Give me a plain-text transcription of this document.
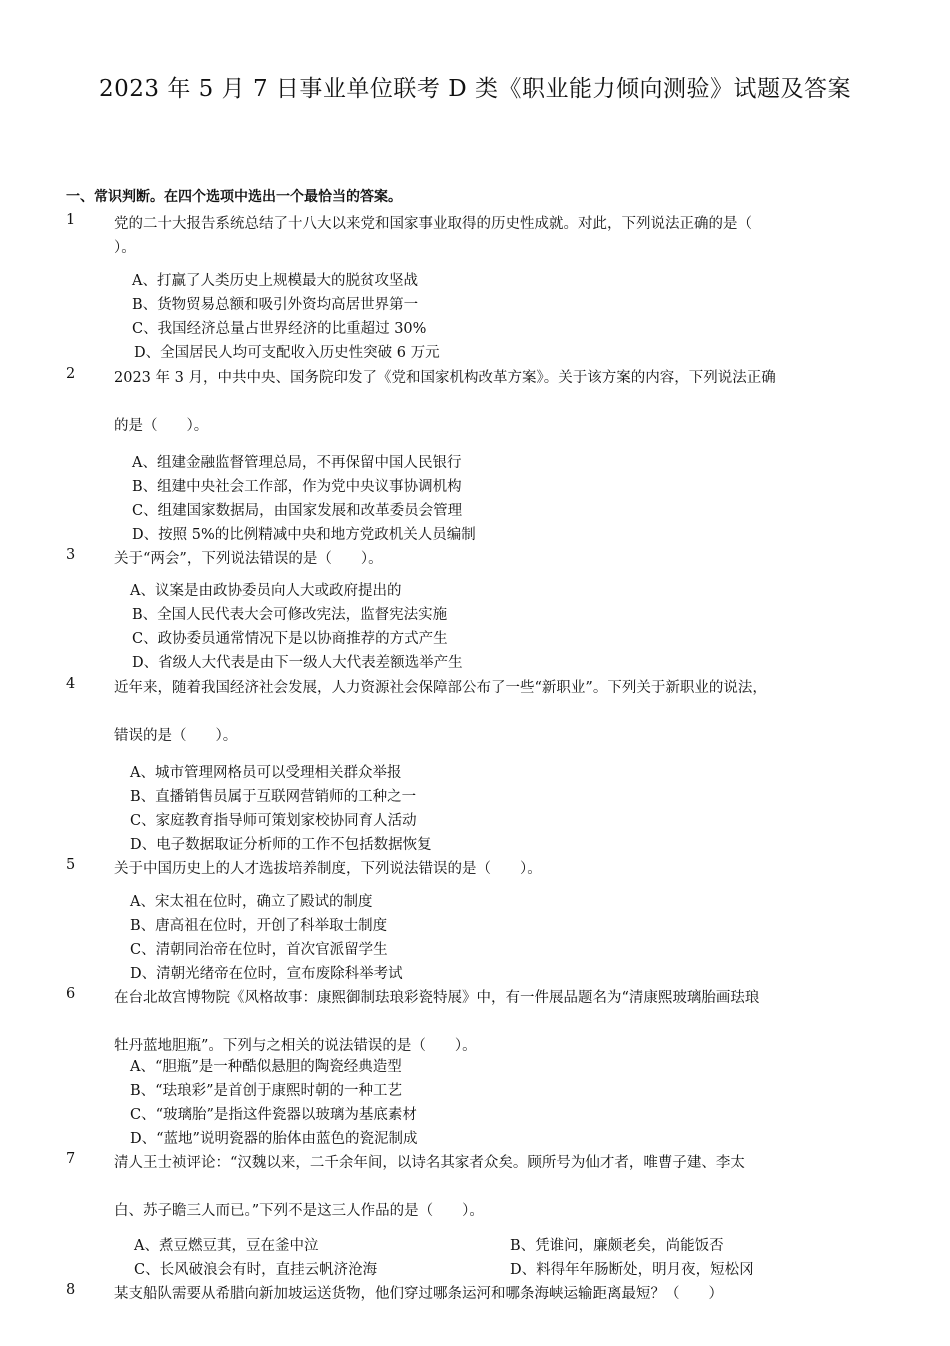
2023 年 5 月 7 日事业单位联考 D 类《职业能力倾向测验》试题及答案
一、常识判断。在四个选项中选出一个最恰当的答案。
1	党的二十大报告系统总结了十八大以来党和国家事业取得的历史性成就。对此，下列说法正确的是（

）。

A、打赢了人类历史上规模最大的脱贫攻坚战
B、货物贸易总额和吸引外资均高居世界第一
C、我国经济总量占世界经济的比重超过 30%
D、全国居民人均可支配收入历史性突破 6 万元
2	2023 年 3 月，中共中央、国务院印发了《党和国家机构改革方案》。关于该方案的内容，下列说法正确

的是（　　）。

A、组建金融监督管理总局，不再保留中国人民银行
B、组建中央社会工作部，作为党中央议事协调机构
C、组建国家数据局，由国家发展和改革委员会管理
D、按照 5%的比例精减中央和地方党政机关人员编制
3	关于“两会”，下列说法错误的是（　　）。

A、议案是由政协委员向人大或政府提出的
B、全国人民代表大会可修改宪法，监督宪法实施
C、政协委员通常情况下是以协商推荐的方式产生
D、省级人大代表是由下一级人大代表差额选举产生
4	近年来，随着我国经济社会发展，人力资源社会保障部公布了一些“新职业”。下列关于新职业的说法，

错误的是（　　）。

A、城市管理网格员可以受理相关群众举报
B、直播销售员属于互联网营销师的工种之一
C、家庭教育指导师可策划家校协同育人活动
D、电子数据取证分析师的工作不包括数据恢复
5	关于中国历史上的人才选拔培养制度，下列说法错误的是（　　）。

A、宋太祖在位时，确立了殿试的制度
B、唐高祖在位时，开创了科举取士制度
C、清朝同治帝在位时，首次官派留学生
D、清朝光绪帝在位时，宣布废除科举考试
6	在台北故宫博物院《风格故事：康熙御制珐琅彩瓷特展》中，有一件展品题名为“清康熙玻璃胎画珐琅

牡丹蓝地胆瓶”。下列与之相关的说法错误的是（　　）。

A、“胆瓶”是一种酷似悬胆的陶瓷经典造型
B、“珐琅彩”是首创于康熙时朝的一种工艺
C、“玻璃胎”是指这件瓷器以玻璃为基底素材
D、“蓝地”说明瓷器的胎体由蓝色的瓷泥制成
7	清人王士祯评论：“汉魏以来，二千余年间，以诗名其家者众矣。顾所号为仙才者，唯曹子建、李太

白、苏子瞻三人而已。”下列不是这三人作品的是（　　）。

A、煮豆燃豆萁，豆在釜中泣	B、凭谁问，廉颇老矣，尚能饭否
C、长风破浪会有时，直挂云帆济沧海	D、料得年年肠断处，明月夜，短松冈
8	某支船队需要从希腊向新加坡运送货物，他们穿过哪条运河和哪条海峡运输距离最短？（　　）
